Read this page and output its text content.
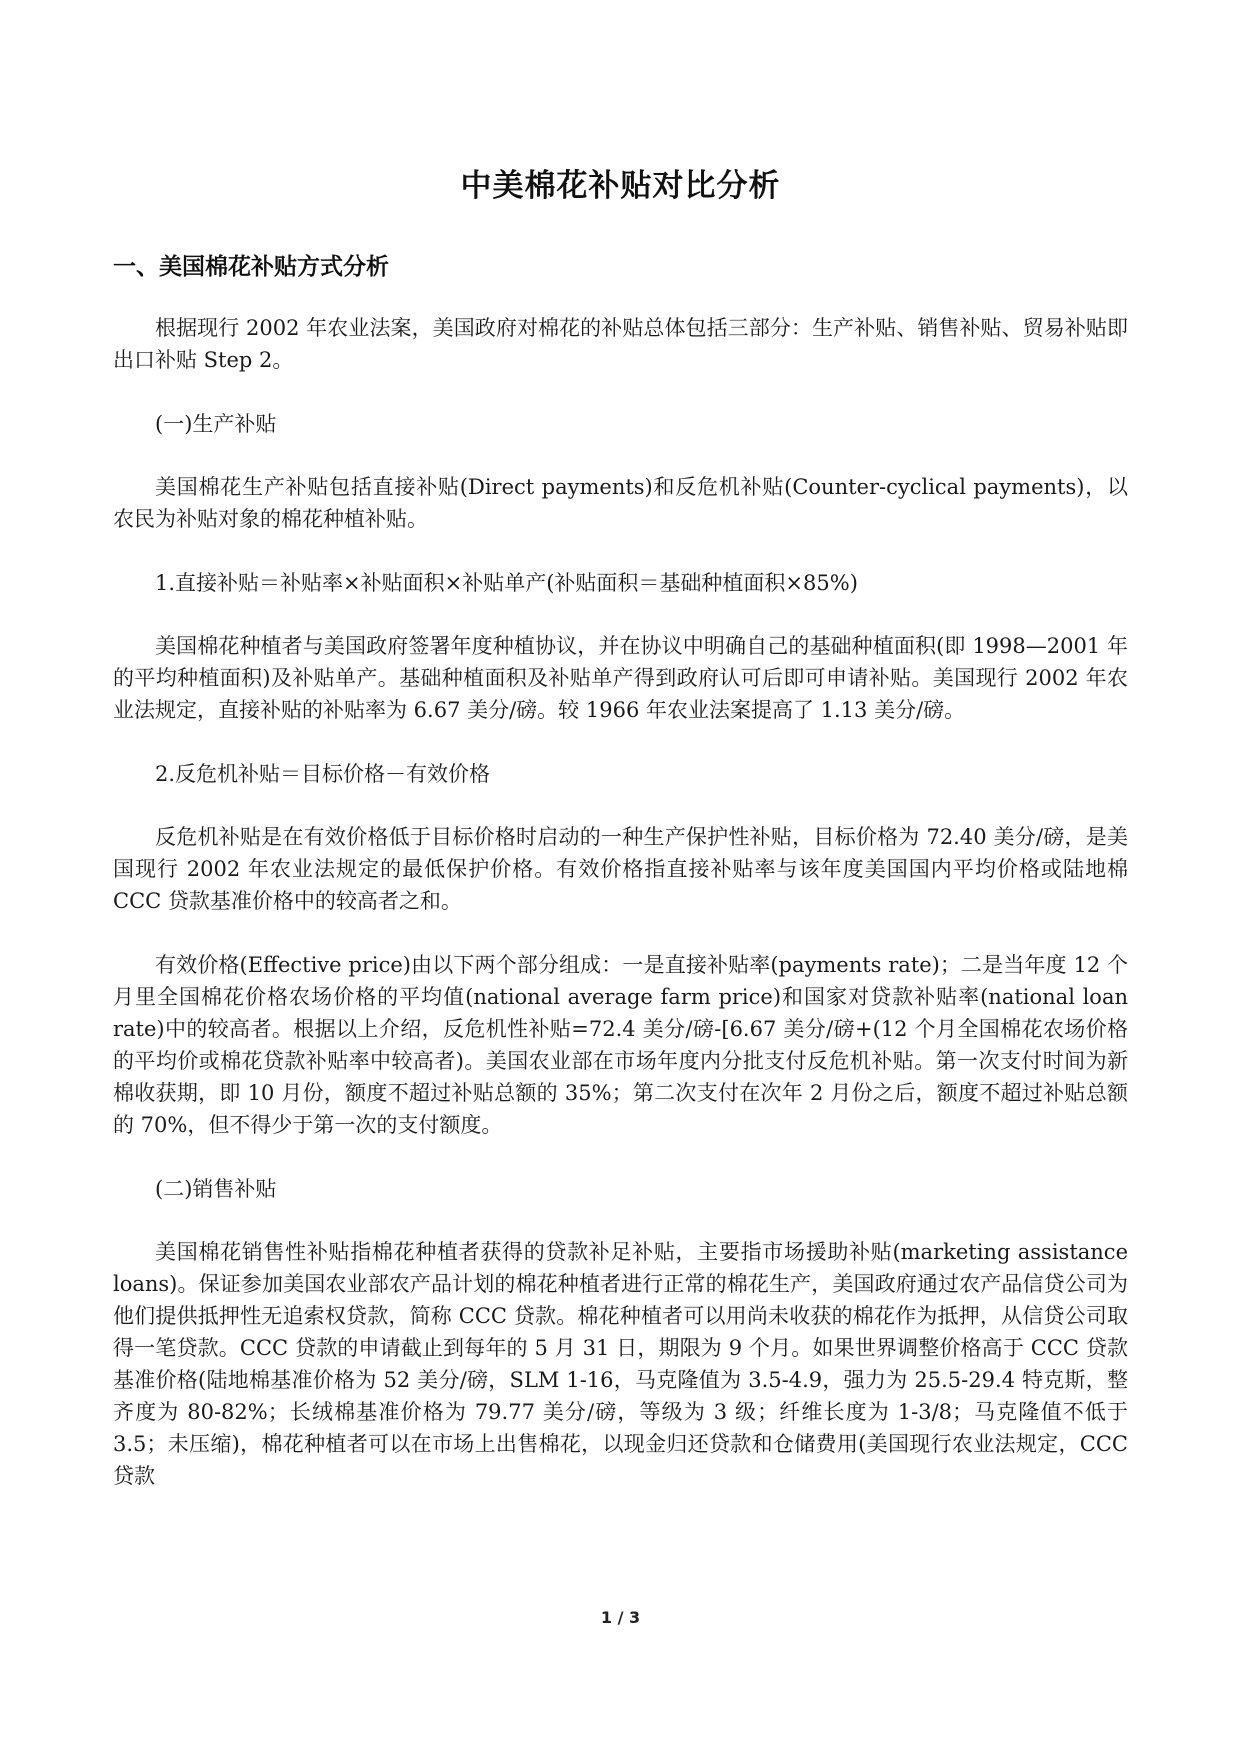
中美棉花补贴对比分析
一、美国棉花补贴方式分析

根据现行 2002 年农业法案，美国政府对棉花的补贴总体包括三部分：生产补贴、销售补贴、贸易补贴即出口补贴 Step 2。

(一)生产补贴

美国棉花生产补贴包括直接补贴(Direct payments)和反危机补贴(Counter-cyclical payments)，以农民为补贴对象的棉花种植补贴。

1.直接补贴＝补贴率×补贴面积×补贴单产(补贴面积＝基础种植面积×85%)

美国棉花种植者与美国政府签署年度种植协议，并在协议中明确自己的基础种植面积(即 1998—2001 年的平均种植面积)及补贴单产。基础种植面积及补贴单产得到政府认可后即可申请补贴。美国现行 2002 年农业法规定，直接补贴的补贴率为 6.67 美分/磅。较 1966 年农业法案提高了 1.13 美分/磅。

2.反危机补贴＝目标价格－有效价格

反危机补贴是在有效价格低于目标价格时启动的一种生产保护性补贴，目标价格为 72.40 美分/磅，是美国现行 2002 年农业法规定的最低保护价格。有效价格指直接补贴率与该年度美国国内平均价格或陆地棉 CCC 贷款基准价格中的较高者之和。

有效价格(Effective price)由以下两个部分组成：一是直接补贴率(payments rate)；二是当年度 12 个月里全国棉花价格农场价格的平均值(national average farm price)和国家对贷款补贴率(national loan rate)中的较高者。根据以上介绍，反危机性补贴=72.4 美分/磅-[6.67 美分/磅+(12 个月全国棉花农场价格的平均价或棉花贷款补贴率中较高者)。美国农业部在市场年度内分批支付反危机补贴。第一次支付时间为新棉收获期，即 10 月份，额度不超过补贴总额的 35%；第二次支付在次年 2 月份之后，额度不超过补贴总额的 70%，但不得少于第一次的支付额度。

(二)销售补贴

美国棉花销售性补贴指棉花种植者获得的贷款补足补贴，主要指市场援助补贴(marketing assistance loans)。保证参加美国农业部农产品计划的棉花种植者进行正常的棉花生产，美国政府通过农产品信贷公司为他们提供抵押性无追索权贷款，简称 CCC 贷款。棉花种植者可以用尚未收获的棉花作为抵押，从信贷公司取得一笔贷款。CCC 贷款的申请截止到每年的 5 月 31 日，期限为 9 个月。如果世界调整价格高于 CCC 贷款基准价格(陆地棉基准价格为 52 美分/磅，SLM 1-16，马克隆值为 3.5-4.9，强力为 25.5-29.4 特克斯，整齐度为 80-82%；长绒棉基准价格为 79.77 美分/磅，等级为 3 级；纤维长度为 1-3/8；马克隆值不低于 3.5；未压缩)，棉花种植者可以在市场上出售棉花，以现金归还贷款和仓储费用(美国现行农业法规定，CCC 贷款

1 / 3
